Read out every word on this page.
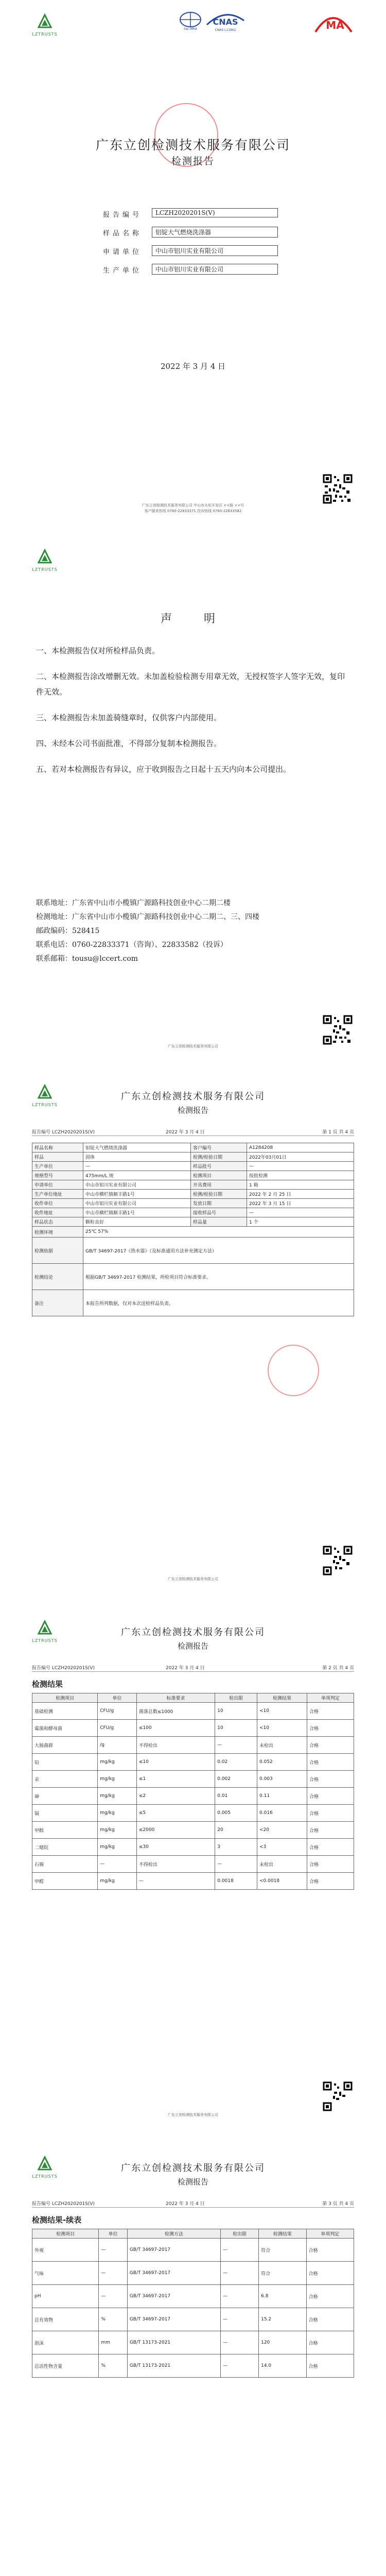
LZTRUSTS
ilac-MRA
CNAS
CNAS L11862	MA
广东立创检测技术服务有限公司
检测报告
报告编号	LCZH2020201S(V)
样品名称	铝锭大气燃烧洗涤器
申请单位	中山市铝川实业有限公司
生产单位	中山市铝川实业有限公司
2022 年 3 月 4 日
广东立创检测技术服务有限公司 中山市火炬开发区 ××路 ××号
客户服务热线 0760-22833371 投诉热线 0760-22833582
LZTRUSTS
声　明
一、本检测报告仅对所检样品负责。
二、本检测报告涂改增删无效。未加盖检验检测专用章无效，无授权签字人签字无效，复印件无效。
三、本检测报告未加盖骑缝章时，仅供客户内部使用。
四、未经本公司书面批准，不得部分复制本检测报告。
五、若对本检测报告有异议，应于收到报告之日起十五天内向本公司提出。
联系地址：广东省中山市小榄镇广源路科技创业中心二期二楼
检测地址：广东省中山市小榄镇广源路科技创业中心二期二、三、四楼
邮政编码：528415
联系电话：0760-22833371（咨询）、22833582（投诉）
联系邮箱：tousu@lccert.com
广东立创检测技术服务有限公司
LZTRUSTS
广东立创检测技术服务有限公司
检测报告
报告编号 LCZH2020201S(V)	2022 年 3 月 4 日	第 1 页 共 4 页
样品名称	铝锭大气燃烧洗涤器	客户编号	A1284208
样品	固体	检测/检验日期	2022年03月01日
生产单位	—	样品批号	—
规格型号	475mm/L 规	检测项目	按批检测
申请单位	中山市铝川实业有限公司	开具费用	1 箱
生产单位地址	中山市横栏镇顺丰路1号	检测/检验日期	2022 年 2 月 25 日
收件单位	中山市铝川实业有限公司	发放日期	2022 年 3 月 15 日
收件地址	中山市横栏镇顺丰路1号	接收样品号	—
样品状态	颗粒良好	样品量	1 个
检测环境	25℃ 57%		
检测依据	GB/T 34697-2017《热水器》（及标准通用方法补充测定方法）		
检测结论	根据GB/T 34697-2017 检测结果，所检项目符合标准要求。		
备注	本报告所列数据，仅对本次送检样品负责。		
广东立创检测技术服务有限公司
LZTRUSTS
广东立创检测技术服务有限公司
检测报告
报告编号 LCZH2020201S(V)	2022 年 3 月 4 日	第 2 页 共 4 页
检测结果
检测项目	单位	标准要求	检出限	检测结果	单项判定
基础检测	CFU/g	菌落总数≤1000	10	<10	合格
霉菌和酵母菌	CFU/g	≤100	10	<10	合格
大肠菌群	/g	不得检出	—	未检出	合格
铅	mg/kg	≤10	0.02	0.052	合格
汞	mg/kg	≤1	0.002	0.003	合格
砷	mg/kg	≤2	0.01	0.11	合格
镉	mg/kg	≤5	0.005	0.016	合格
甲醇	mg/kg	≤2000	20	<20	合格
二噁烷	mg/kg	≤30	3	<3	合格
石棉	—	不得检出	—	未检出	合格
甲醛	mg/kg	—	0.0018	<0.0018	合格
广东立创检测技术服务有限公司
LZTRUSTS
广东立创检测技术服务有限公司
检测报告
报告编号 LCZH2020201S(V)	2022 年 3 月 4 日	第 3 页 共 4 页
检测结果-续表
检测项目	单位	检测方法	检出限	检测结果	单项判定
外观	—	GB/T 34697-2017	—	符合	合格
气味	—	GB/T 34697-2017	—	符合	合格
pH	—	GB/T 34697-2017	—	6.8	合格
总有效物	%	GB/T 34697-2017	—	15.2	合格
泡沫	mm	GB/T 13173-2021	—	120	合格
总活性物含量	%	GB/T 13173-2021	—	14.0	合格
